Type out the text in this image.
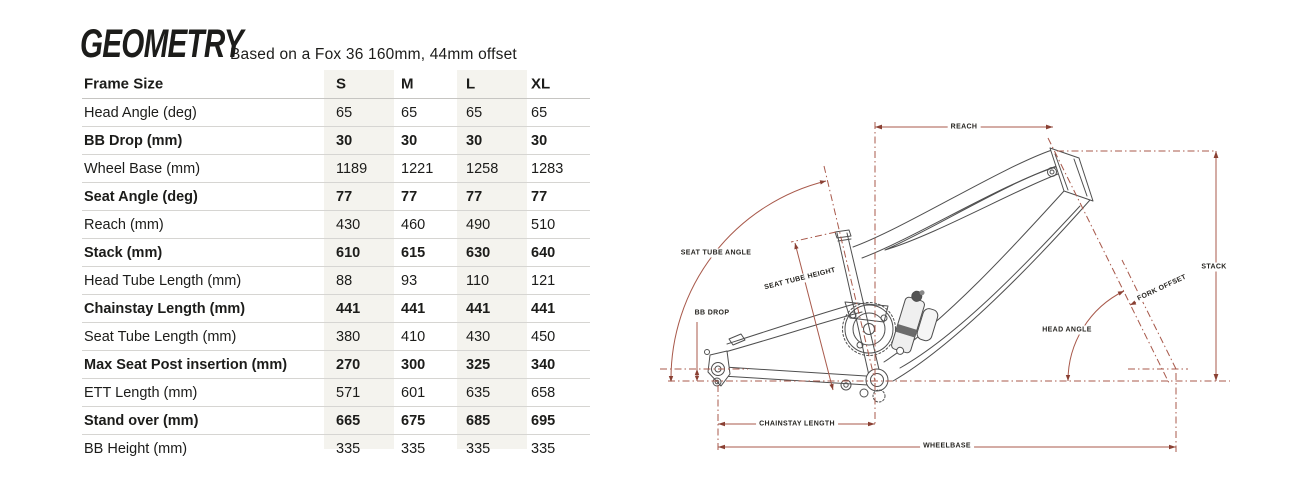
GEOMETRY
Based on a Fox 36 160mm, 44mm offset
Frame Size	S	M	L	XL
Head Angle (deg)	65	65	65	65
BB Drop (mm)	30	30	30	30
Wheel Base (mm)	1189 1221 1258 1283
Seat Angle (deg)	77	77	77	77
Reach (mm)	430	460	490	510
Stack (mm)	610	615	630	640
Head Tube Length (mm)	88	93	110	121
Chainstay Length (mm)	441	441	441	441
Seat Tube Length (mm)	380	410	430	450
Max Seat Post insertion (mm)	270	300	325	340
ETT Length (mm)	571	601	635	658
Stand over (mm)	665	675	685	695
BB Height (mm)	335	335	335	335
REACH
STACK
SEAT TUBE ANGLE
SEAT TUBE HEIGHT
BB DROP
HEAD ANGLE
FORK OFFSET
CHAINSTAY LENGTH
WHEELBASE
